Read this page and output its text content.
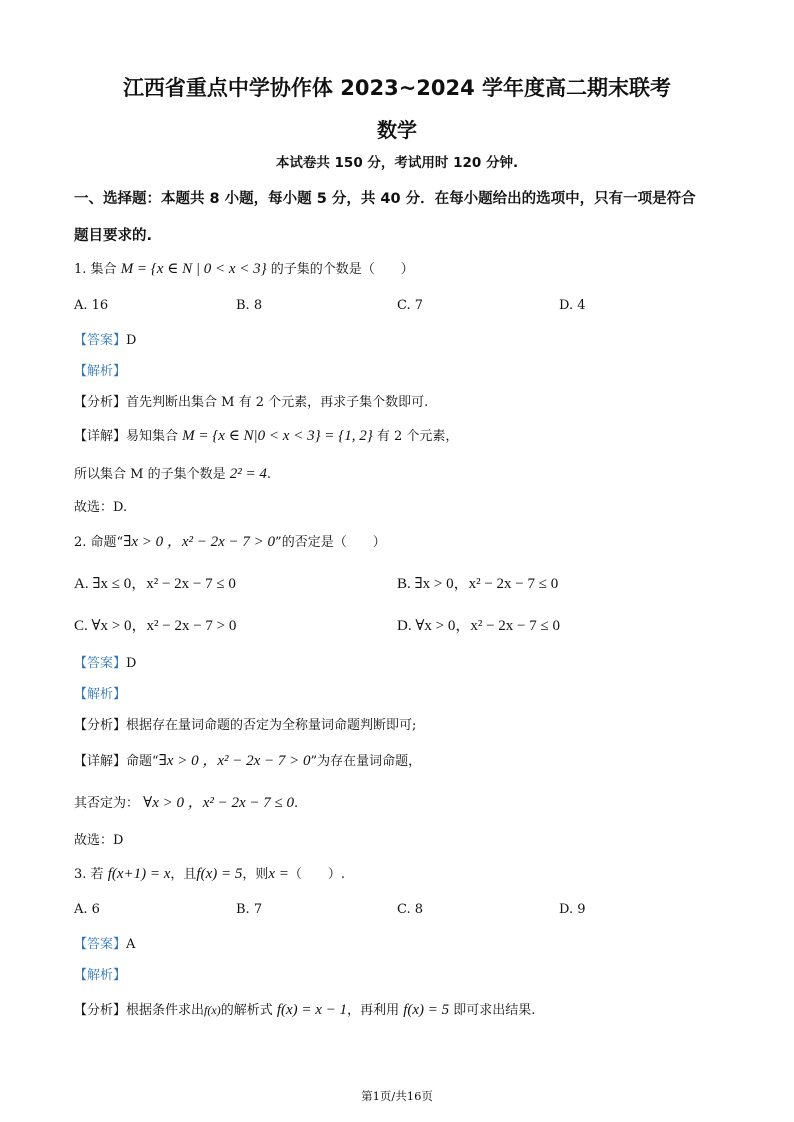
江西省重点中学协作体 2023~2024 学年度高二期末联考
数学
本试卷共 150 分，考试用时 120 分钟.
一、选择题：本题共 8 小题，每小题 5 分，共 40 分．在每小题给出的选项中，只有一项是符合
题目要求的.
1. 集合 M = {x ∈ N | 0 < x < 3} 的子集的个数是（　　）
A. 16	B. 8	C. 7	D. 4
【答案】D
【解析】
【分析】首先判断出集合 M 有 2 个元素，再求子集个数即可.
【详解】易知集合 M = {x ∈ N|0 < x < 3} = {1, 2} 有 2 个元素，
所以集合 M 的子集个数是 2² = 4.
故选：D.
2. 命题“∃x > 0 ，x² − 2x − 7 > 0”的否定是（　　）
A. ∃x ≤ 0，x² − 2x − 7 ≤ 0	B. ∃x > 0，x² − 2x − 7 ≤ 0
C. ∀x > 0，x² − 2x − 7 > 0	D. ∀x > 0，x² − 2x − 7 ≤ 0
【答案】D
【解析】
【分析】根据存在量词命题的否定为全称量词命题判断即可;
【详解】命题“∃x > 0 ，x² − 2x − 7 > 0”为存在量词命题，
其否定为： ∀x > 0 ，x² − 2x − 7 ≤ 0.
故选：D
3. 若 f(x+1) = x，且f(x) = 5，则x =（　　）.
A. 6	B. 7	C. 8	D. 9
【答案】A
【解析】
【分析】根据条件求出f(x)的解析式 f(x) = x − 1，再利用 f(x) = 5 即可求出结果.
第1页/共16页
